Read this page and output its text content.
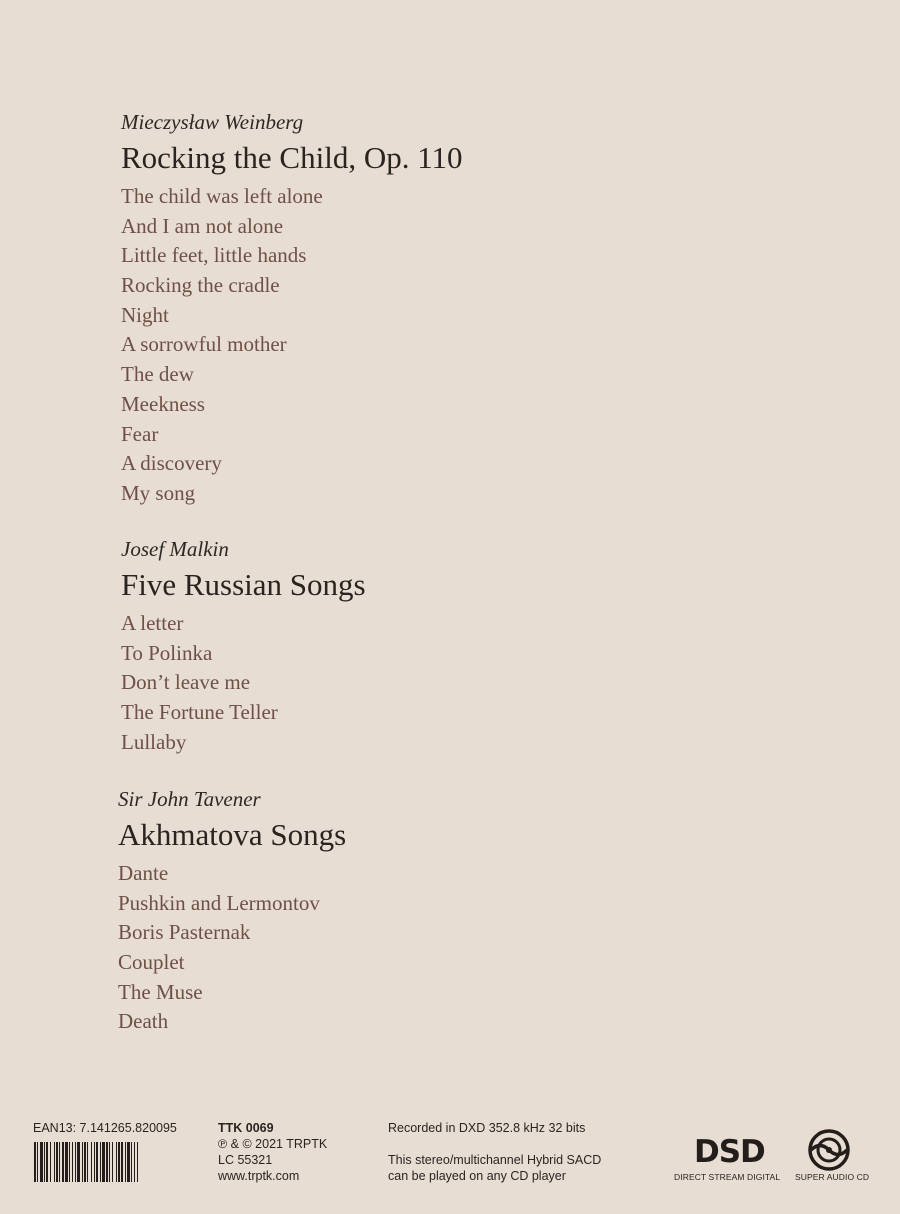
Mieczysław Weinberg
Rocking the Child, Op. 110
The child was left alone
And I am not alone
Little feet, little hands
Rocking the cradle
Night
A sorrowful mother
The dew
Meekness
Fear
A discovery
My song
Josef Malkin
Five Russian Songs
A letter
To Polinka
Don’t leave me
The Fortune Teller
Lullaby
Sir John Tavener
Akhmatova Songs
Dante
Pushkin and Lermontov
Boris Pasternak
Couplet
The Muse
Death
EAN13: 7.141265.820095	TTK 0069
℗ & © 2021 TRPTK
LC 55321
www.trptk.com
Recorded in DXD 352.8 kHz 32 bits
This stereo/multichannel Hybrid SACD
can be played on any CD player
DSD
DIRECT STREAM DIGITAL SUPER AUDIO CD
